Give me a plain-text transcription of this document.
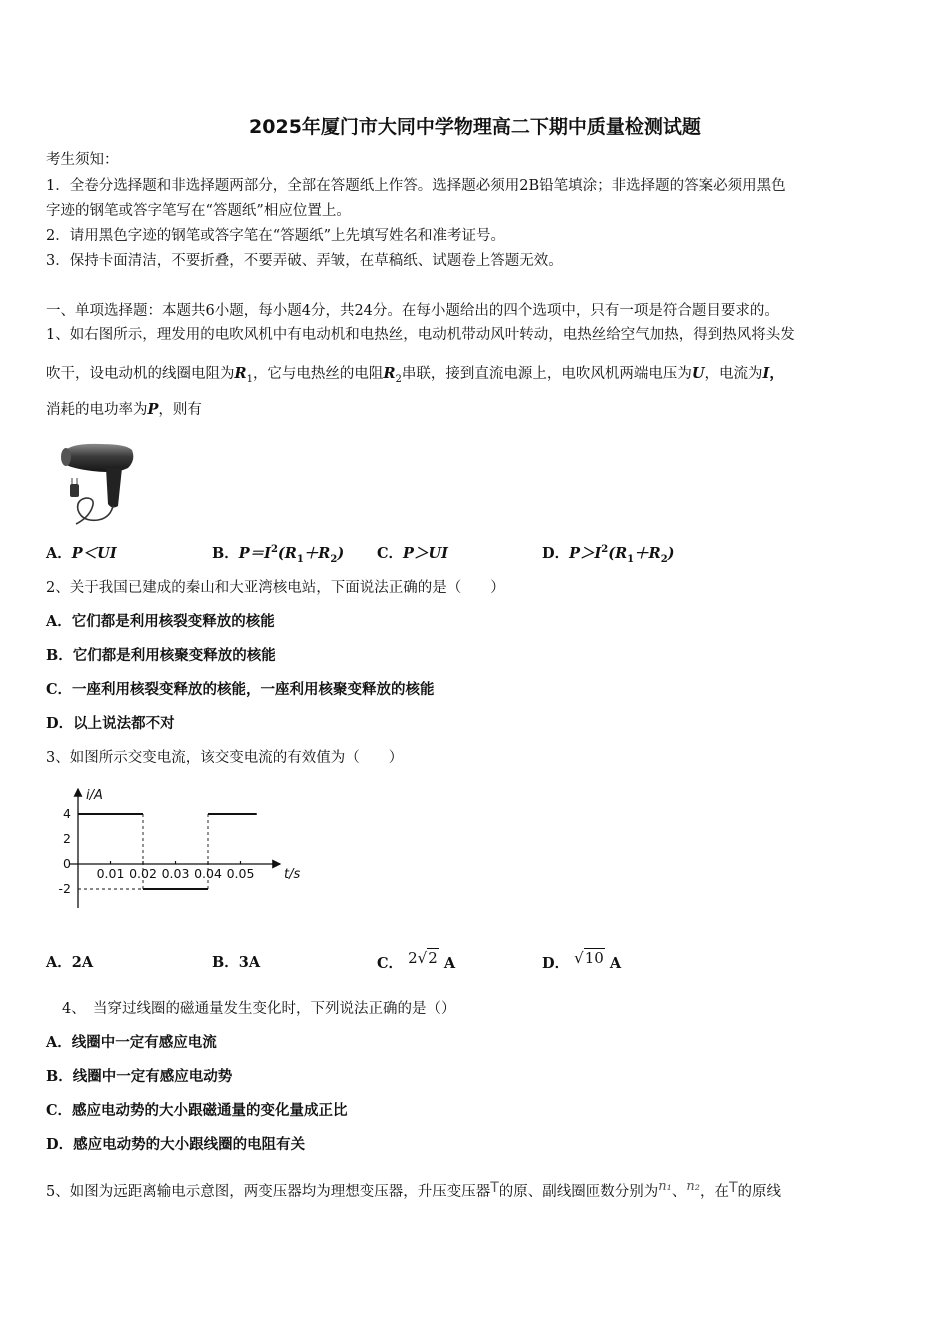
2025年厦门市大同中学物理高二下期中质量检测试题
考生须知：
1．全卷分选择题和非选择题两部分，全部在答题纸上作答。选择题必须用2B铅笔填涂；非选择题的答案必须用黑色
字迹的钢笔或答字笔写在“答题纸”相应位置上。
2．请用黑色字迹的钢笔或答字笔在“答题纸”上先填写姓名和准考证号。
3．保持卡面清洁，不要折叠，不要弄破、弄皱，在草稿纸、试题卷上答题无效。
一、单项选择题：本题共6小题，每小题4分，共24分。在每小题给出的四个选项中，只有一项是符合题目要求的。
1、如右图所示，理发用的电吹风机中有电动机和电热丝，电动机带动风叶转动，电热丝给空气加热，得到热风将头发
吹干，设电动机的线圈电阻为$R_1$，它与电热丝的电阻$R_2$串联，接到直流电源上，电吹风机两端电压为U，电流为I，
消耗的电功率为P，则有
A．P＜UI	B．$P=I^2(R_1+R_2)$ C．P＞UI	D．$P>I^2(R_1+R_2)$
2、关于我国已建成的秦山和大亚湾核电站，下面说法正确的是（　　）
A．它们都是利用核裂变释放的核能
B．它们都是利用核聚变释放的核能
C．一座利用核裂变释放的核能，一座利用核聚变释放的核能
D．以上说法都不对
3、如图所示交变电流，该交变电流的有效值为（　　）
0.01 0.02 0.03 0.04 0.05
4
2
0
-2
i/A
t/s
A．2A	B．3A	C． 2√2 A	D． √10 A
4、　当穿过线圈的磁通量发生变化时，下列说法正确的是（）
A．线圈中一定有感应电流
B．线圈中一定有感应电动势
C．感应电动势的大小跟磁通量的变化量成正比
D．感应电动势的大小跟线圈的电阻有关
5、如图为远距离输电示意图，两变压器均为理想变压器，升压变压器T的原、副线圈匝数分别为n₁、n₂，在T的原线
